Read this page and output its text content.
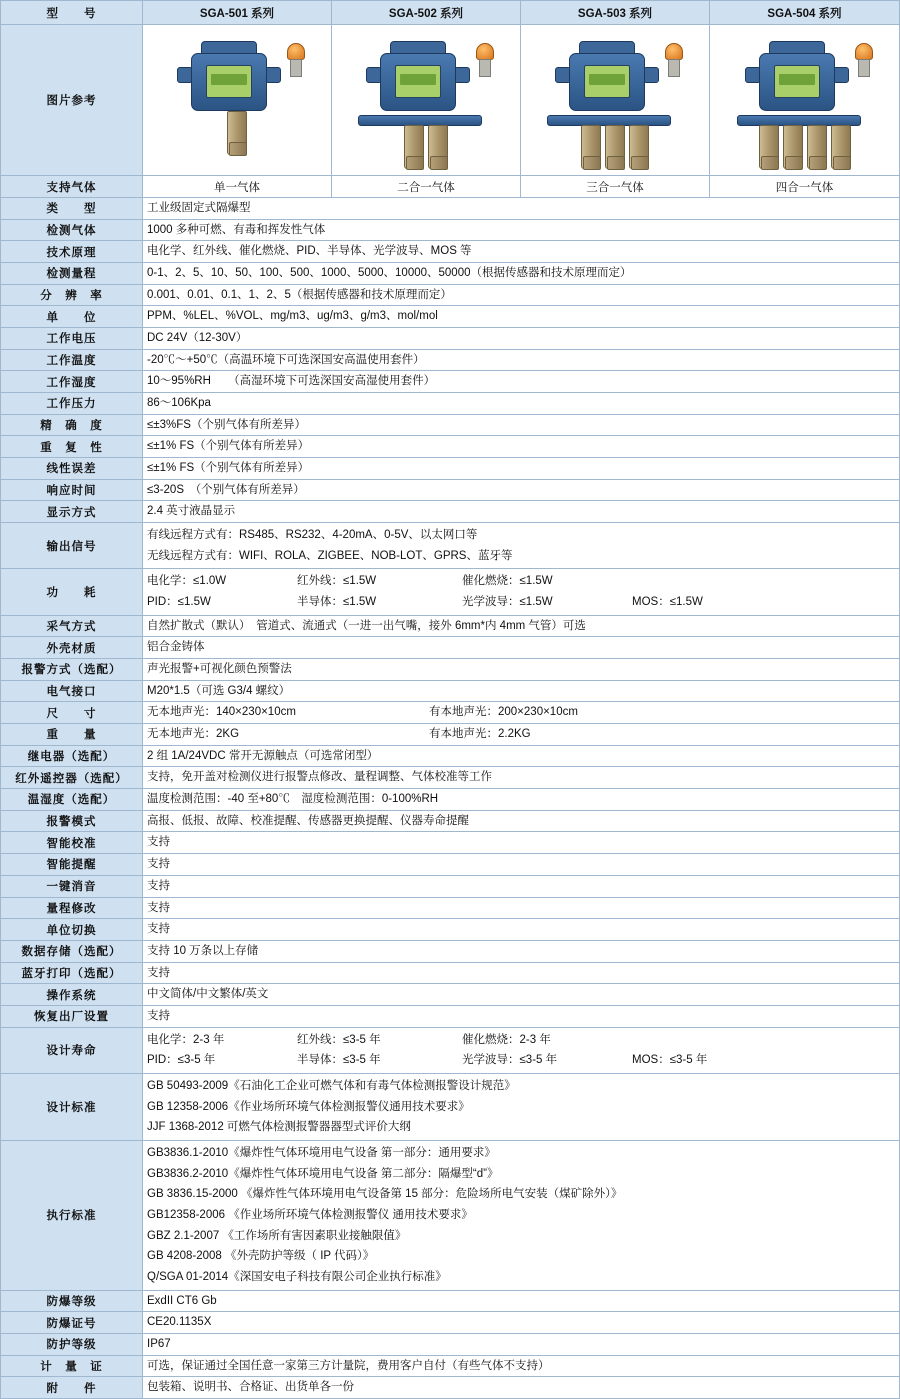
型　　号	SGA-501 系列	SGA-502 系列	SGA-503 系列	SGA-504 系列
图片参考	

支持气体	单一气体	二合一气体	三合一气体	四合一气体
类　　型	工业级固定式隔爆型			
检测气体	1000 多种可燃、有毒和挥发性气体			
技术原理	电化学、红外线、催化燃烧、PID、半导体、光学波导、MOS 等			
检测量程	0-1、2、5、10、50、100、500、1000、5000、10000、50000（根据传感器和技术原理而定）			
分　辨　率	0.001、0.01、0.1、1、2、5（根据传感器和技术原理而定）			
单　　位	PPM、%LEL、%VOL、mg/m3、ug/m3、g/m3、mol/mol			
工作电压	DC 24V（12-30V）			
工作温度	-20℃～+50℃（高温环境下可选深国安高温使用套件）			
工作湿度	10～95%RH　　（高湿环境下可选深国安高湿使用套件）			
工作压力	86～106Kpa			
精　确　度	≤±3%FS（个别气体有所差异）			
重　复　性	≤±1% FS（个别气体有所差异）			
线性误差	≤±1% FS（个别气体有所差异）			
响应时间	≤3-20S　（个别气体有所差异）			
显示方式	2.4 英寸液晶显示			
输出信号	有线远程方式有：RS485、RS232、4-20mA、0-5V、以太网口等
无线远程方式有：WIFI、ROLA、ZIGBEE、NOB-LOT、GPRS、蓝牙等			

功　　耗	
电化学：≤1.0W	红外线：≤1.5W	催化燃烧：≤1.5W
PID：≤1.5W	半导体：≤1.5W	光学波导：≤1.5W	MOS：≤1.5W

采气方式	自然扩散式（默认）　管道式、流通式（一进一出气嘴，接外 6mm*内 4mm 气管）可选			
外壳材质	铝合金铸体			
报警方式（选配）	声光报警+可视化颜色预警法			
电气接口	M20*1.5（可选 G3/4 螺纹）			
尺　　寸	无本地声光：140×230×10cm 有本地声光：200×230×10cm			

重　　量	无本地声光：2KG 有本地声光：2.2KG			

继电器（选配）	2 组 1A/24VDC 常开无源触点（可选常闭型）			
红外遥控器（选配）	支持，免开盖对检测仪进行报警点修改、量程调整、气体校准等工作			
温湿度（选配）	温度检测范围：-40 至+80℃　湿度检测范围：0-100%RH			
报警模式	高报、低报、故障、校准提醒、传感器更换提醒、仪器寿命提醒			
智能校准	支持			
智能提醒	支持			
一键消音	支持			
量程修改	支持			
单位切换	支持			
数据存储（选配）	支持 10 万条以上存储			
蓝牙打印（选配）	支持			
操作系统	中文简体/中文繁体/英文			
恢复出厂设置	支持			
设计寿命	
电化学：2-3 年	红外线：≤3-5 年	催化燃烧：2-3 年
PID：≤3-5 年	半导体：≤3-5 年	光学波导：≤3-5 年	MOS：≤3-5 年

设计标准	GB 50493-2009《石油化工企业可燃气体和有毒气体检测报警设计规范》
GB 12358-2006《作业场所环境气体检测报警仪通用技术要求》
JJF 1368-2012 可燃气体检测报警器器型式评价大纲			

执行标准	
GB3836.1-2010《爆炸性气体环境用电气设备 第一部分：通用要求》
GB3836.2-2010《爆炸性气体环境用电气设备 第二部分：隔爆型“d”》
GB 3836.15-2000 《爆炸性气体环境用电气设备第 15 部分：危险场所电气安装（煤矿除外）》
GB12358-2006 《作业场所环境气体检测报警仪 通用技术要求》
GBZ 2.1-2007 《工作场所有害因素职业接触限值》
GB 4208-2008 《外壳防护等级（ IP 代码）》
Q/SGA 01-2014《深国安电子科技有限公司企业执行标准》

防爆等级	ExdII CT6 Gb			
防爆证号	CE20.1135X			
防护等级	IP67			
计　量　证	可选，保证通过全国任意一家第三方计量院，费用客户自付（有些气体不支持）			
附　　件	包装箱、说明书、合格证、出货单各一份			
